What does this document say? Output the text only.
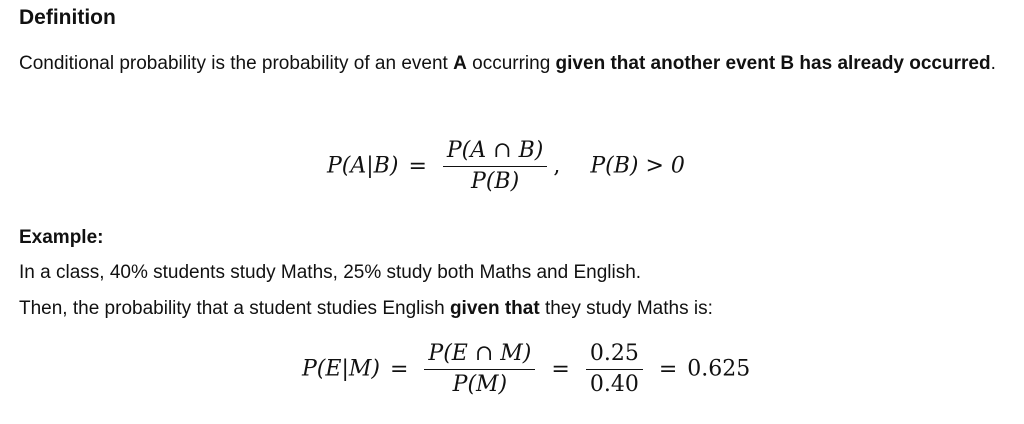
Definition
Conditional probability is the probability of an event A occurring given that another event B has already occurred.
$P(A|B) = \frac{P(A \cap B)}{P(B)}$ , P(B) > 0
Example:
In a class, 40% students study Maths, 25% study both Maths and English.
Then, the probability that a student studies English given that they study Maths is:
$P(E|M) = \frac{P(E \cap M)}{P(M)} = \frac{0.25}{0.40} = 0.625$
